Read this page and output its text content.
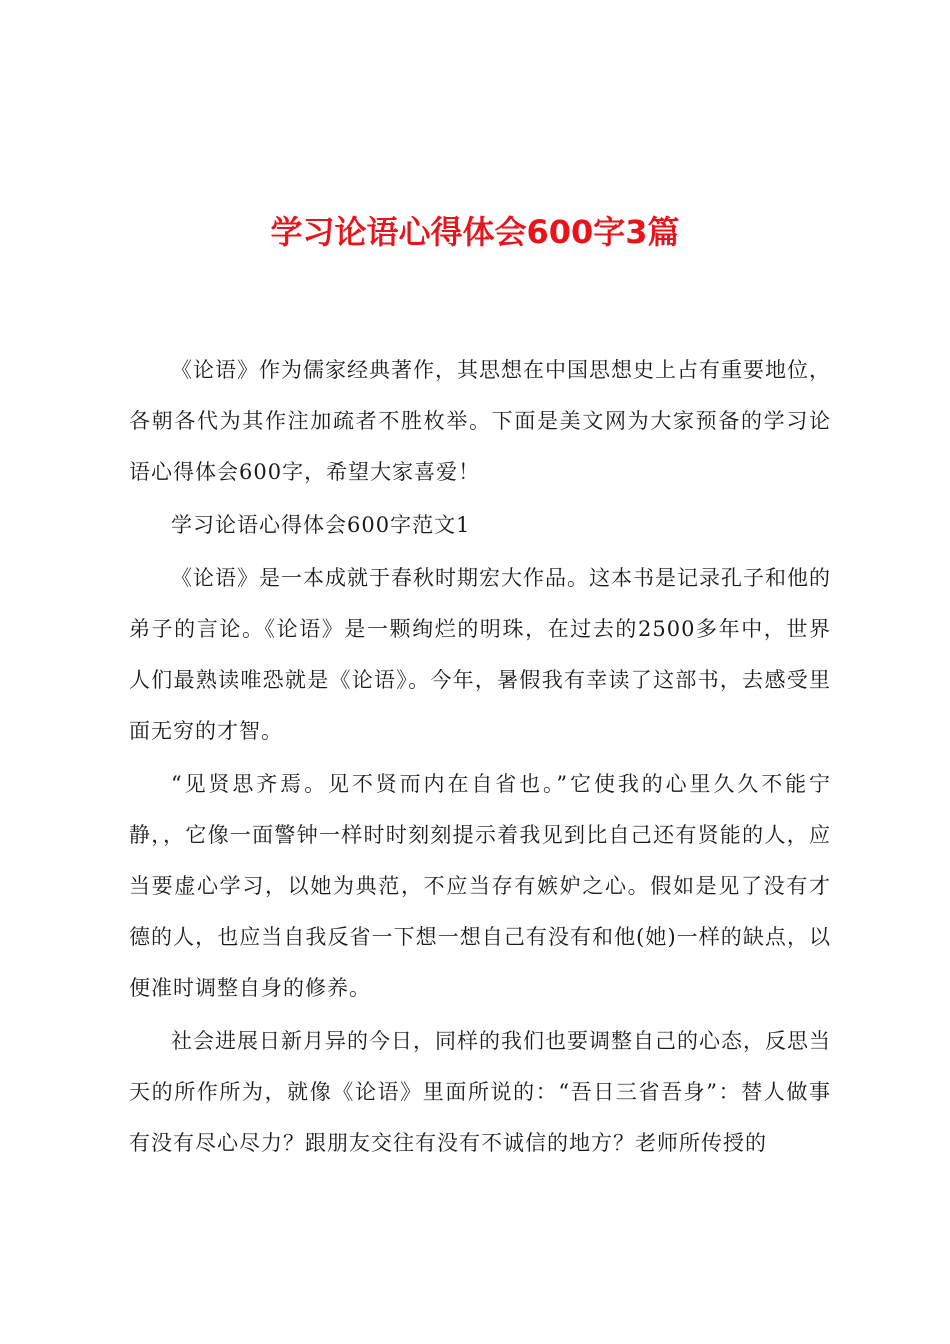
学习论语心得体会600字3篇

《论语》作为儒家经典著作，其思想在中国思想史上占有重要地位，各朝各代为其作注加疏者不胜枚举。下面是美文网为大家预备的学习论语心得体会600字，希望大家喜爱！

学习论语心得体会600字范文1

《论语》是一本成就于春秋时期宏大作品。这本书是记录孔子和他的弟子的言论。《论语》是一颗绚烂的明珠，在过去的2500多年中，世界人们最熟读唯恐就是《论语》。今年，暑假我有幸读了这部书，去感受里面无穷的才智。

“见贤思齐焉。见不贤而内在自省也。”它使我的心里久久不能宁静，，它像一面警钟一样时时刻刻提示着我见到比自己还有贤能的人，应当要虚心学习，以她为典范，不应当存有嫉妒之心。假如是见了没有才德的人，也应当自我反省一下想一想自己有没有和他(她)一样的缺点，以便准时调整自身的修养。

社会进展日新月异的今日，同样的我们也要调整自己的心态，反思当天的所作所为，就像《论语》里面所说的：“吾日三省吾身”：替人做事有没有尽心尽力？跟朋友交往有没有不诚信的地方？老师所传授的
